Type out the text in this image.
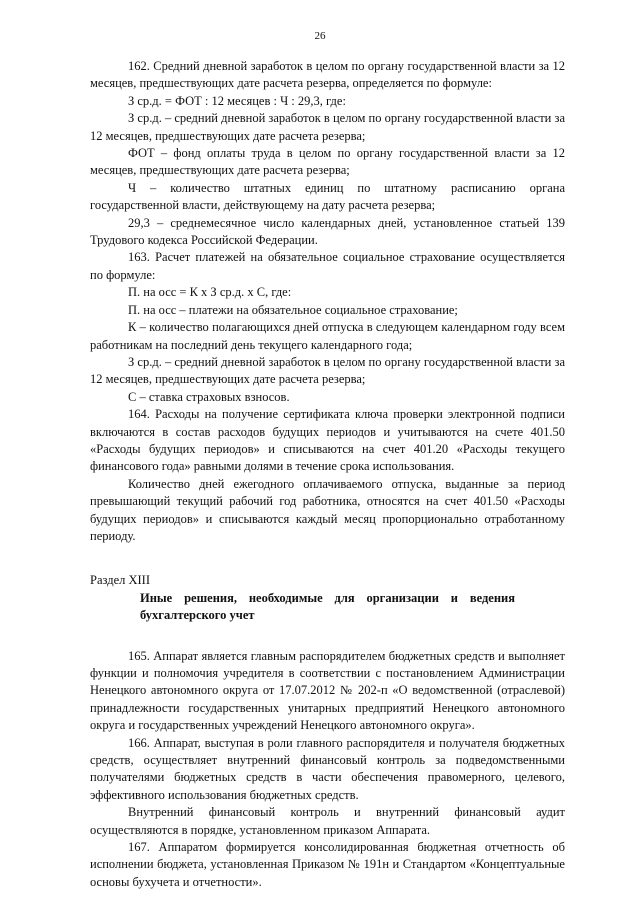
26

162. Средний дневной заработок в целом по органу государственной власти за 12 месяцев, предшествующих дате расчета резерва, определяется по формуле:

З ср.д. = ФОТ : 12 месяцев : Ч : 29,3, где:

З ср.д. – средний дневной заработок в целом по органу государственной власти за 12 месяцев, предшествующих дате расчета резерва;

ФОТ – фонд оплаты труда в целом по органу государственной власти за 12 месяцев, предшествующих дате расчета резерва;

Ч – количество штатных единиц по штатному расписанию органа государственной власти, действующему на дату расчета резерва;

29,3 – среднемесячное число календарных дней, установленное статьей 139 Трудового кодекса Российской Федерации.

163. Расчет платежей на обязательное социальное страхование осуществляется по формуле:

П. на осс = К х З ср.д. х С, где:

П. на осс – платежи на обязательное социальное страхование;

К – количество полагающихся дней отпуска в следующем календарном году всем работникам на последний день текущего календарного года;

З ср.д. – средний дневной заработок в целом по органу государственной власти за 12 месяцев, предшествующих дате расчета резерва;

С – ставка страховых взносов.

164. Расходы на получение сертификата ключа проверки электронной подписи включаются в состав расходов будущих периодов и учитываются на счете 401.50 «Расходы будущих периодов» и списываются на счет 401.20 «Расходы текущего финансового года» равными долями в течение срока использования.

Количество дней ежегодного оплачиваемого отпуска, выданные за период превышающий текущий рабочий год работника, относятся на счет 401.50 «Расходы будущих периодов» и списываются каждый месяц пропорционально отработанному периоду.

Раздел XIII

Иные решения, необходимые для организации и ведения бухгалтерского учет

165. Аппарат является главным распорядителем бюджетных средств и выполняет функции и полномочия учредителя в соответствии с постановлением Администрации Ненецкого автономного округа от 17.07.2012 № 202-п «О ведомственной (отраслевой) принадлежности государственных унитарных предприятий Ненецкого автономного округа и государственных учреждений Ненецкого автономного округа».

166. Аппарат, выступая в роли главного распорядителя и получателя бюджетных средств, осуществляет внутренний финансовый контроль за подведомственными получателями бюджетных средств в части обеспечения правомерного, целевого, эффективного использования бюджетных средств.

Внутренний финансовый контроль и внутренний финансовый аудит осуществляются в порядке, установленном приказом Аппарата.

167. Аппаратом формируется консолидированная бюджетная отчетность об исполнении бюджета, установленная Приказом № 191н и Стандартом «Концептуальные основы бухучета и отчетности».
